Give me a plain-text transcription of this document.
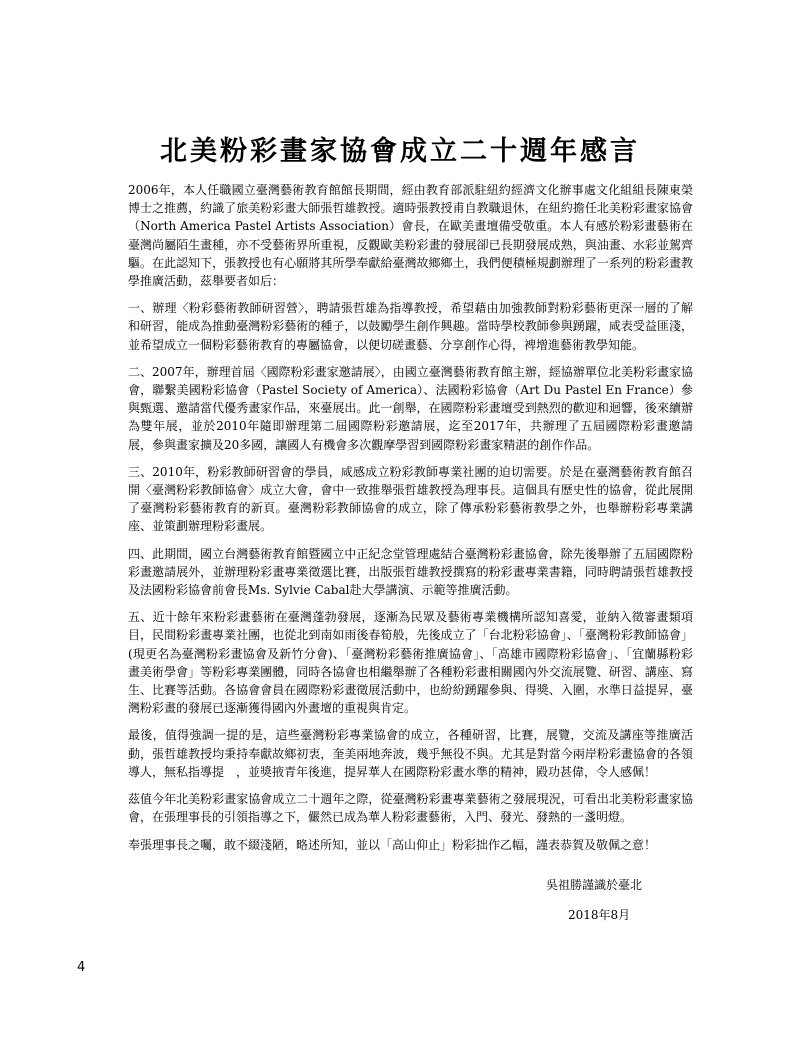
北美粉彩畫家協會成立二十週年感言

2006年，本人任職國立臺灣藝術教育館館長期間，經由教育部派駐紐約經濟文化辦事處文化組組長陳東榮博士之推薦，約識了旅美粉彩畫大師張哲雄教授。適時張教授甫自教職退休，在紐約擔任北美粉彩畫家協會（North America Pastel Artists Association）會長，在歐美畫壇備受敬重。本人有感於粉彩畫藝術在臺灣尚屬陌生畫種，亦不受藝術界所重視，反觀歐美粉彩畫的發展卻已長期發展成熟，與油畫、水彩並駕齊驅。在此認知下，張教授也有心願將其所學奉獻給臺灣故鄉鄉土，我們便積極規劃辦理了一系列的粉彩畫教學推廣活動，茲舉要者如后：

一、辦理〈粉彩藝術教師研習營〉，聘請張哲雄為指導教授，希望藉由加強教師對粉彩藝術更深一層的了解和研習，能成為推動臺灣粉彩藝術的種子，以鼓勵學生創作興趣。當時學校教師參與踴躍，咸表受益匪淺，並希望成立一個粉彩藝術教育的專屬協會，以便切磋畫藝、分享創作心得，裨增進藝術教學知能。

二、2007年，辦理首屆〈國際粉彩畫家邀請展〉，由國立臺灣藝術教育館主辦，經協辦單位北美粉彩畫家協會，聯繫美國粉彩協會（Pastel Society of America）、法國粉彩協會（Art Du Pastel En France）參與甄選、邀請當代優秀畫家作品，來臺展出。此一創舉，在國際粉彩畫壇受到熱烈的歡迎和迴響，後來續辦為雙年展，並於2010年隨即辦理第二屆國際粉彩邀請展，迄至2017年，共辦理了五屆國際粉彩畫邀請展，參與畫家擴及20多國，讓國人有機會多次觀摩學習到國際粉彩畫家精湛的創作作品。

三、2010年，粉彩教師研習會的學員，咸感成立粉彩教師專業社團的迫切需要。於是在臺灣藝術教育館召開〈臺灣粉彩教師協會〉成立大會，會中一致推舉張哲雄教授為理事長。這個具有歷史性的協會，從此展開了臺灣粉彩藝術教育的新頁。臺灣粉彩教師協會的成立，除了傳承粉彩藝術教學之外，也舉辦粉彩專業講座、並策劃辦理粉彩畫展。

四、此期間，國立台灣藝術教育館暨國立中正紀念堂管理處結合臺灣粉彩畫協會，除先後舉辦了五屆國際粉彩畫邀請展外，並辦理粉彩畫專業徵選比賽，出版張哲雄教授撰寫的粉彩畫專業書籍，同時聘請張哲雄教授及法國粉彩協會前會長Ms. Sylvie Cabal赴大學講演、示範等推廣活動。

五、近十餘年來粉彩畫藝術在臺灣蓬勃發展，逐漸為民眾及藝術專業機構所認知喜愛，並納入徵審畫類項目，民間粉彩畫專業社團，也從北到南如雨後春筍般，先後成立了「台北粉彩協會」、「臺灣粉彩教師協會」(現更名為臺灣粉彩畫協會及新竹分會)、「臺灣粉彩藝術推廣協會」、「高雄市國際粉彩協會」、「宜蘭縣粉彩畫美術學會」等粉彩專業團體，同時各協會也相繼舉辦了各種粉彩畫相關國內外交流展覽、研習、講座、寫生、比賽等活動。各協會會員在國際粉彩畫徵展活動中，也紛紛踴躍參與、得獎、入圍，水準日益提昇，臺灣粉彩畫的發展已逐漸獲得國內外畫壇的重視與肯定。

最後，值得強調一提的是，這些臺灣粉彩專業協會的成立，各種研習，比賽，展覽，交流及講座等推廣活動，張哲雄教授均秉持奉獻故鄉初衷，奎美兩地奔波，幾乎無役不與。尤其是對當今兩岸粉彩畫協會的各領導人，無私指導提　，並獎掖青年後進，提昇華人在國際粉彩畫水準的精神，殿功甚偉，令人感佩！

茲值今年北美粉彩畫家協會成立二十週年之際，從臺灣粉彩畫專業藝術之發展現況，可看出北美粉彩畫家協會，在張理事長的引領指導之下，儼然已成為華人粉彩畫藝術，入門、發光、發熱的一盞明燈。

奉張理事長之囑，敢不綴淺陋，略述所知，並以「高山仰止」粉彩拙作乙幅，謹表恭賀及敬佩之意！

吳祖勝謹識於臺北
2018年8月
4
